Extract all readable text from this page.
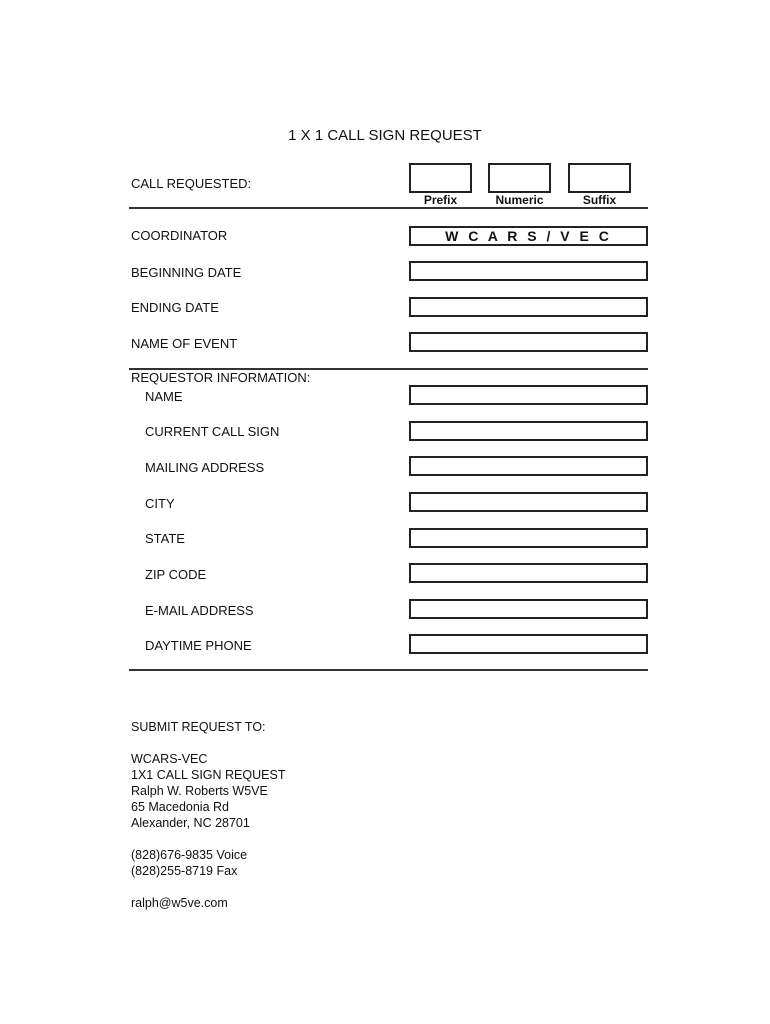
1 X 1 CALL SIGN REQUEST
CALL REQUESTED:
Prefix	Numeric	Suffix
COORDINATOR	W C A R S / V E C
BEGINNING DATE
ENDING DATE
NAME OF EVENT
REQUESTOR INFORMATION:
NAME
CURRENT CALL SIGN
MAILING ADDRESS
CITY
STATE
ZIP CODE
E-MAIL ADDRESS
DAYTIME PHONE
SUBMIT REQUEST TO:
WCARS-VEC
1X1 CALL SIGN REQUEST
Ralph W. Roberts W5VE
65 Macedonia Rd
Alexander, NC 28701
(828)676-9835 Voice
(828)255-8719 Fax
ralph@w5ve.com
